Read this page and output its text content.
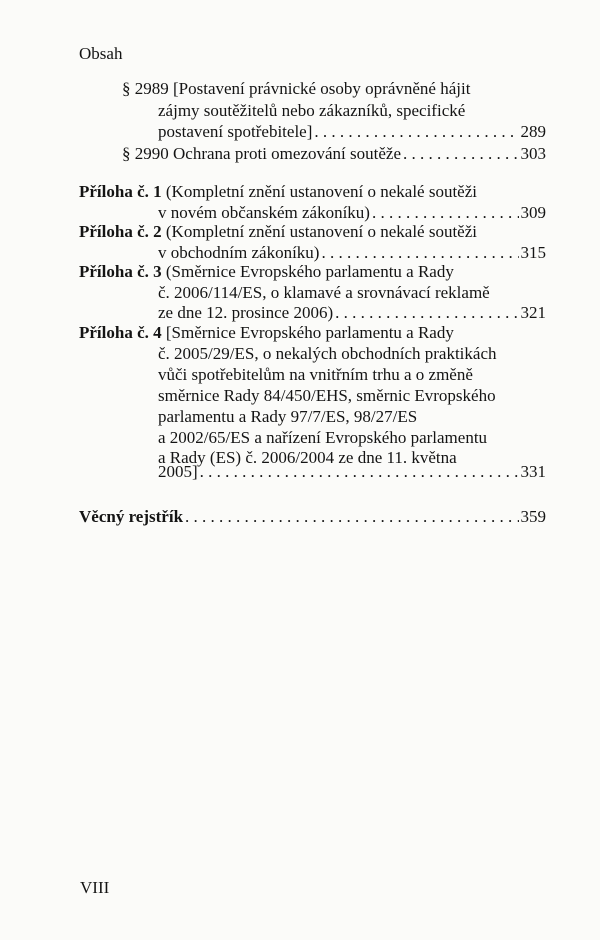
Obsah
§ 2989 [Postavení právnické osoby oprávněné hájit
zájmy soutěžitelů nebo zákazníků, specifické
postavení spotřebitele] . . .	289
§ 2990
Ochrana proti omezování soutěže . . .	303
Příloha č. 1 (Kompletní znění ustanovení o nekalé soutěži
v novém občanském zákoníku) . . .	309
Příloha č. 2 (Kompletní znění ustanovení o nekalé soutěži
v obchodním zákoníku) . . .	315
Příloha č. 3 (Směrnice Evropského parlamentu a Rady
č. 2006/114/ES, o klamavé a srovnávací reklamě
ze dne 12. prosince 2006) . . .	321
Příloha č. 4 [Směrnice Evropského parlamentu a Rady
č. 2005/29/ES, o nekalých obchodních praktikách
vůči spotřebitelům na vnitřním trhu a o změně
směrnice Rady 84/450/EHS, směrnic Evropského
parlamentu a Rady 97/7/ES, 98/27/ES
a 2002/65/ES a nařízení Evropského parlamentu
a Rady (ES) č. 2006/2004 ze dne 11. května
2005] . . .	331
Věcný rejstřík . . .	359
VIII
